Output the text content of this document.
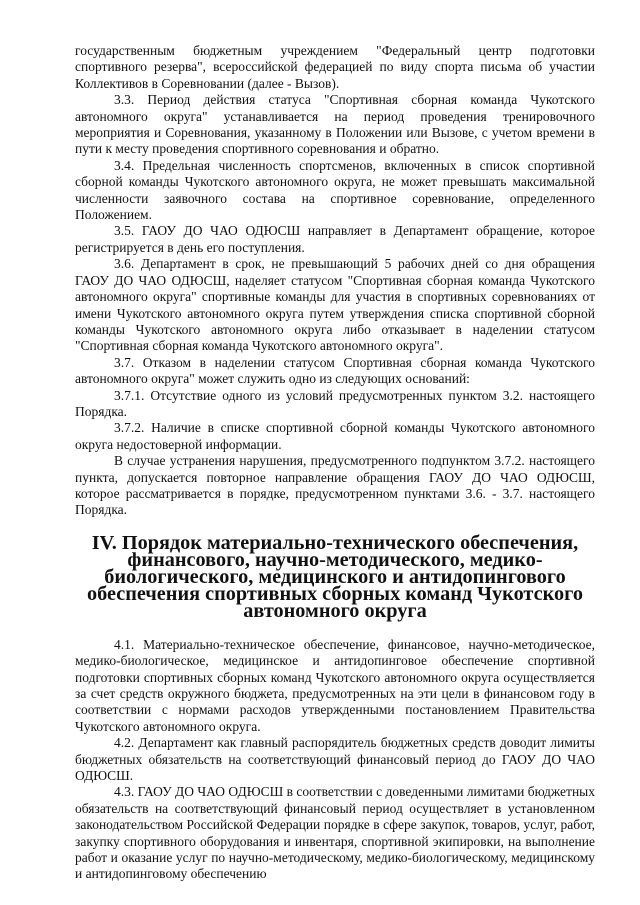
государственным бюджетным учреждением "Федеральный центр подготовки спортивного резерва", всероссийской федерацией по виду спорта письма об участии Коллективов в Соревновании (далее - Вызов).

3.3. Период действия статуса "Спортивная сборная команда Чукотского автономного округа" устанавливается на период проведения тренировочного мероприятия и Соревнования, указанному в Положении или Вызове, с учетом времени в пути к месту проведения спортивного соревнования и обратно.

3.4. Предельная численность спортсменов, включенных в список спортивной сборной команды Чукотского автономного округа, не может превышать максимальной численности заявочного состава на спортивное соревнование, определенного Положением.

3.5. ГАОУ ДО ЧАО ОДЮСШ направляет в Департамент обращение, которое регистрируется в день его поступления.

3.6. Департамент в срок, не превышающий 5 рабочих дней со дня обращения ГАОУ ДО ЧАО ОДЮСШ, наделяет статусом "Спортивная сборная команда Чукотского автономного округа" спортивные команды для участия в спортивных соревнованиях от имени Чукотского автономного округа путем утверждения списка спортивной сборной команды Чукотского автономного округа либо отказывает в наделении статусом "Спортивная сборная команда Чукотского автономного округа".

3.7. Отказом в наделении статусом Спортивная сборная команда Чукотского автономного округа" может служить одно из следующих оснований:

3.7.1. Отсутствие одного из условий предусмотренных пунктом 3.2. настоящего Порядка.

3.7.2. Наличие в списке спортивной сборной команды Чукотского автономного округа недостоверной информации.

В случае устранения нарушения, предусмотренного подпунктом 3.7.2. настоящего пункта, допускается повторное направление обращения ГАОУ ДО ЧАО ОДЮСШ, которое рассматривается в порядке, предусмотренном пунктами 3.6. - 3.7. настоящего Порядка.

IV. Порядок материально-технического обеспечения, финансового, научно-методического, медико-биологического, медицинского и антидопингового обеспечения спортивных сборных команд Чукотского автономного округа

4.1. Материально-техническое обеспечение, финансовое, научно-методическое, медико-биологическое, медицинское и антидопинговое обеспечение спортивной подготовки спортивных сборных команд Чукотского автономного округа осуществляется за счет средств окружного бюджета, предусмотренных на эти цели в финансовом году в соответствии с нормами расходов утвержденными постановлением Правительства Чукотского автономного округа.

4.2. Департамент как главный распорядитель бюджетных средств доводит лимиты бюджетных обязательств на соответствующий финансовый период до ГАОУ ДО ЧАО ОДЮСШ.

4.3. ГАОУ ДО ЧАО ОДЮСШ в соответствии с доведенными лимитами бюджетных обязательств на соответствующий финансовый период осуществляет в установленном законодательством Российской Федерации порядке в сфере закупок, товаров, услуг, работ, закупку спортивного оборудования и инвентаря, спортивной экипировки, на выполнение работ и оказание услуг по научно-методическому, медико-биологическому, медицинскому и антидопинговому обеспечению
